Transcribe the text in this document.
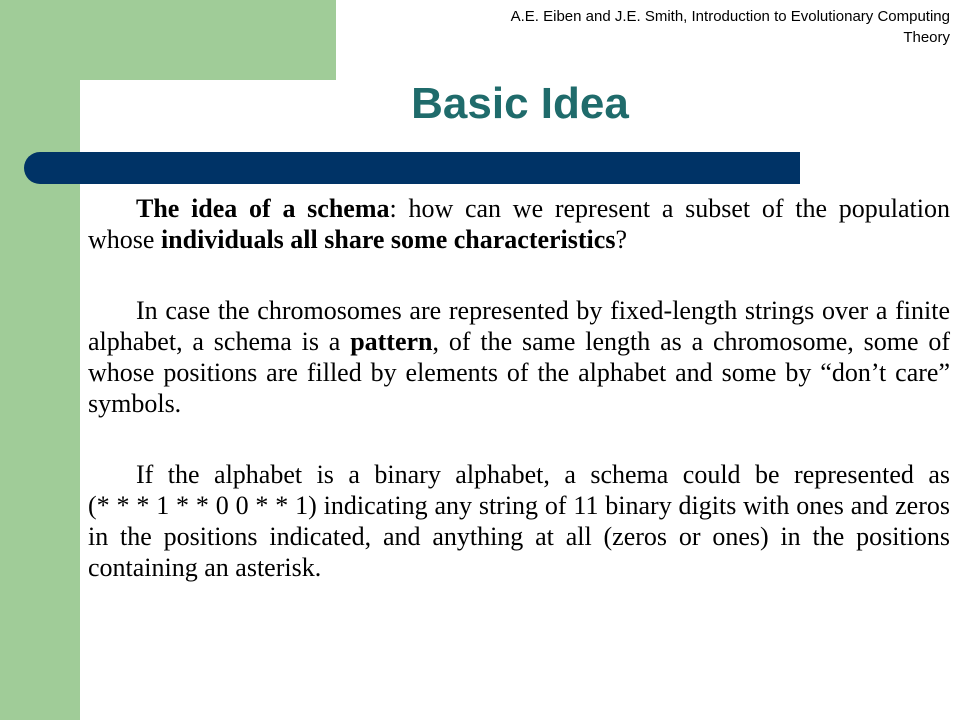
A.E. Eiben and J.E. Smith, Introduction to Evolutionary Computing
Theory
Basic Idea

The idea of a schema: how can we represent a subset of the population whose individuals all share some characteristics?

In case the chromosomes are represented by fixed-length strings over a finite alphabet, a schema is a pattern, of the same length as a chromosome, some of whose positions are filled by elements of the alphabet and some by “don’t care” symbols.

If the alphabet is a binary alphabet, a schema could be represented as (* * * 1 * * 0 0 * * 1) indicating any string of 11 binary digits with ones and zeros in the positions indicated, and anything at all (zeros or ones) in the positions containing an asterisk.
